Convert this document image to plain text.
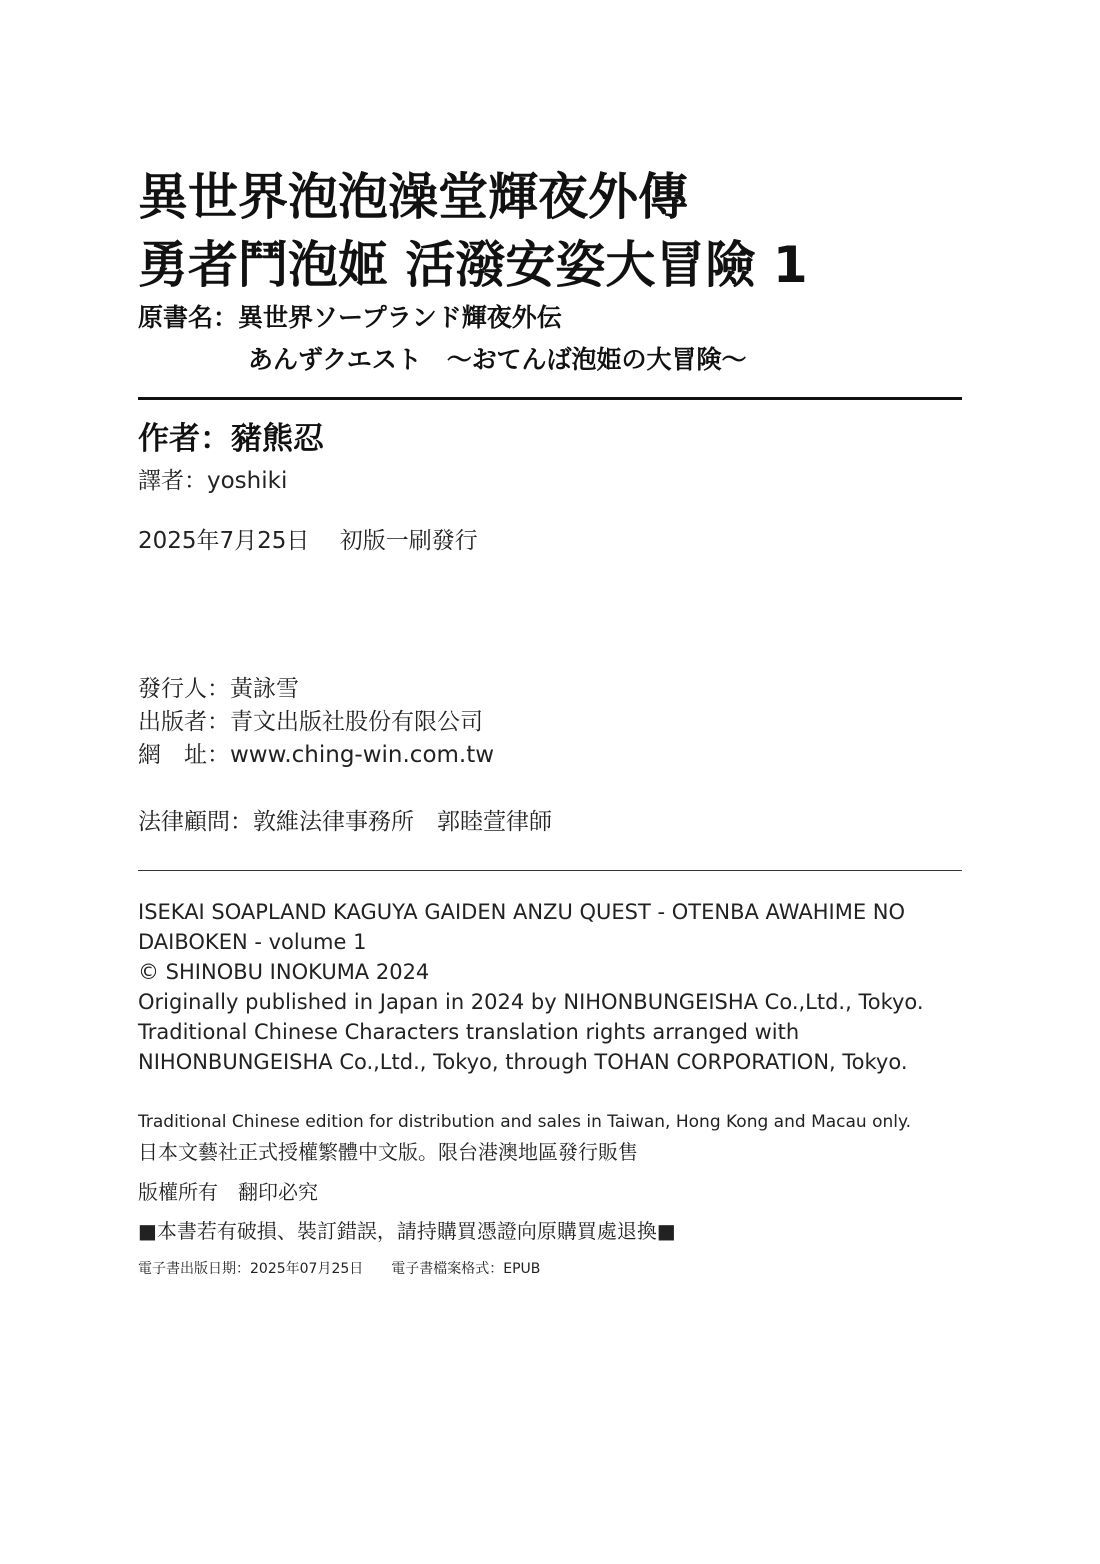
異世界泡泡澡堂輝夜外傳
勇者鬥泡姬 活潑安姿大冒險 1
原書名：異世界ソープランド輝夜外伝
あんずクエスト　～おてんば泡姫の大冒険～
作者：豬熊忍
譯者：yoshiki
2025年7月25日　 初版一刷發行
發行人：黃詠雪
出版者：青文出版社股份有限公司
網　址：www.ching-win.com.tw
法律顧問：敦維法律事務所　郭睦萱律師
ISEKAI SOAPLAND KAGUYA GAIDEN ANZU QUEST - OTENBA AWAHIME NO
DAIBOKEN - volume 1
© SHINOBU INOKUMA 2024
Originally published in Japan in 2024 by NIHONBUNGEISHA Co.,Ltd., Tokyo.
Traditional Chinese Characters translation rights arranged with
NIHONBUNGEISHA Co.,Ltd., Tokyo, through TOHAN CORPORATION, Tokyo.
Traditional Chinese edition for distribution and sales in Taiwan, Hong Kong and Macau only.
日本文藝社正式授權繁體中文版。限台港澳地區發行販售
版權所有　翻印必究
■本書若有破損、裝訂錯誤，請持購買憑證向原購買處退換■
電子書出版日期：2025年07月25日　　電子書檔案格式：EPUB
